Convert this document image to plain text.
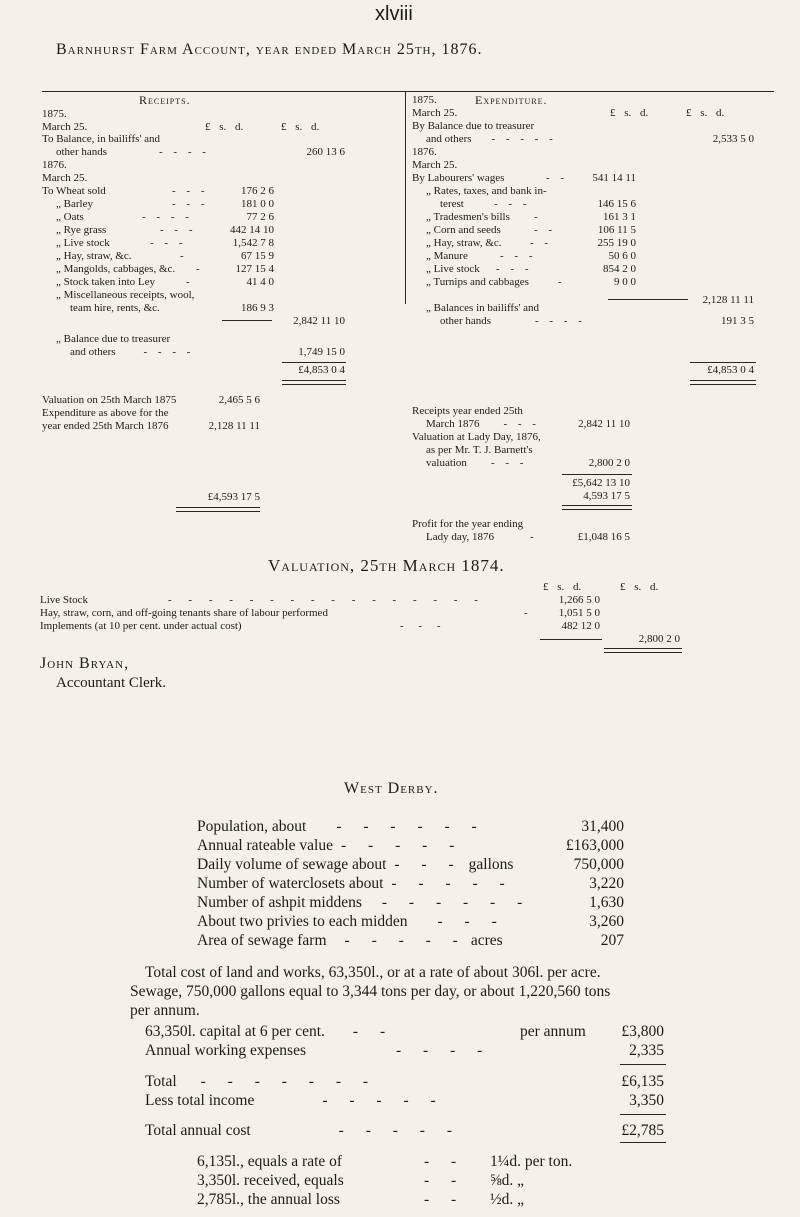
xlviii
Barnhurst Farm Account, year ended March 25th, 1876.
Receipts.
1875.
March 25.	£ s. d.	£ s. d.
To Balance, in bailiffs' and
other hands	- - - -	260 13 6
1876.
March 25.
To Wheat sold	- - -	176 2 6
„ Barley	- - -	181 0 0
„ Oats	- - - -	77 2 6
„ Rye grass	- - -	442 14 10
„ Live stock	- - -	1,542 7 8
„ Hay, straw, &c.	-	67 15 9
„ Mangolds, cabbages, &c. -	127 15 4
„ Stock taken into Ley	-	41 4 0
„ Miscellaneous receipts, wool,
team hire, rents, &c.	186 9 3
2,842 11 10
„ Balance due to treasurer
and others	- - - -	1,749 15 0
£4,853 0 4
1875.	Expenditure.
March 25.	£ s. d.	£ s. d.
By Balance due to treasurer
and others - - - - -	2,533 5 0
1876.
March 25.
By Labourers' wages	- -	541 14 11
„ Rates, taxes, and bank in-
terest	- - -	146 15 6
„ Tradesmen's bills -	161 3 1
„ Corn and seeds	- -	106 11 5
„ Hay, straw, &c.	- -	255 19 0
„ Manure	- - -	50 6 0
„ Live stock - - -	854 2 0
„ Turnips and cabbages	-	9 0 0
2,128 11 11
„ Balances in bailiffs' and
other hands	- - - -	191 3 5
£4,853 0 4
Valuation on 25th March 1875	2,465 5 6
Expenditure as above for the
year ended 25th March 1876	2,128 11 11
£4,593 17 5
Receipts year ended 25th
March 1876 - - -	2,842 11 10
Valuation at Lady Day, 1876,
as per Mr. T. J. Barnett's
valuation - - -	2,800 2 0
£5,642 13 10
4,593 17 5
Profit for the year ending
Lady day, 1876	-	£1,048 16 5
Valuation, 25th March 1874.
£ s. d.	£ s. d.
Live Stock	- - - - - - - - - - - - - - - -	1,266 5 0
Hay, straw, corn, and off-going tenants share of labour performed	-	1,051 5 0
Implements (at 10 per cent. under actual cost)	- - -	482 12 0
2,800 2 0
John Bryan,
Accountant Clerk.
West Derby.
Population, about - - - - - -	31,400
Annual rateable value - - - - -	£163,000
Daily volume of sewage about - - - gallons	750,000
Number of waterclosets about - - - - -	3,220
Number of ashpit middens - - - - - -	1,630
About two privies to each midden - - -	3,260
Area of sewage farm - - - - - acres	207
Total cost of land and works, 63,350l., or at a rate of about 306l. per acre.
Sewage, 750,000 gallons equal to 3,344 tons per day, or about 1,220,560 tons
per annum.
63,350l. capital at 6 per cent. - -	per annum	£3,800
Annual working expenses	- - - -	2,335
Total - - - - - - -	£6,135
Less total income	- - - - -	3,350
Total annual cost	- - - - -	£2,785
6,135l., equals a rate of	- - 1¼d. per ton.
3,350l. received, equals	- - ⅝d. „
2,785l., the annual loss	- - ½d. „
